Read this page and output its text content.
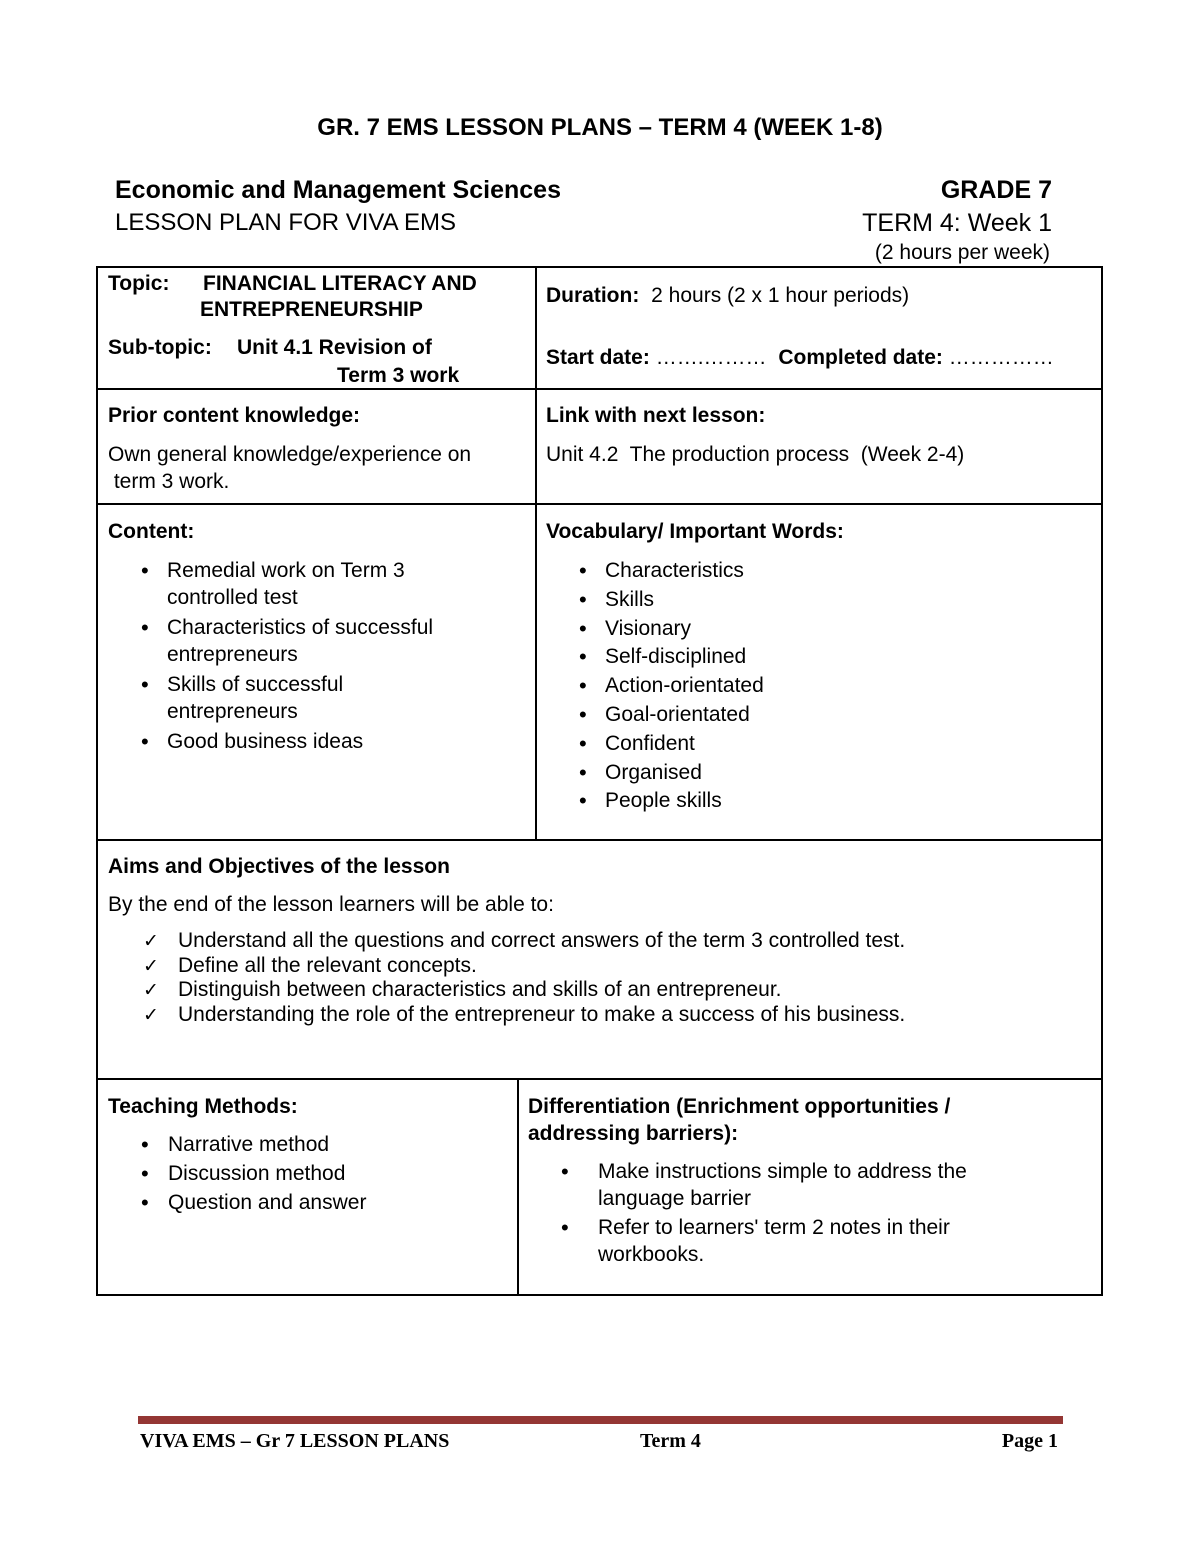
GR. 7 EMS LESSON PLANS – TERM 4 (WEEK 1-8)
Economic and Management Sciences
LESSON PLAN FOR VIVA EMS
GRADE 7
TERM 4: Week 1
(2 hours per week)
Topic: FINANCIAL LITERACY AND
ENTREPRENEURSHIP
Sub-topic: Unit 4.1 Revision of
Term 3 work
Duration: 2 hours (2 x 1 hour periods)
Start date: …….……… Completed date: ……………
Prior content knowledge:
Own general knowledge/experience on
term 3 work.
Link with next lesson:
Unit 4.2  The production process  (Week 2-4)
Content:
• Remedial work on Term 3
controlled test
• Characteristics of successful
entrepreneurs
• Skills of successful
entrepreneurs
• Good business ideas
Vocabulary/ Important Words:
• Characteristics
• Skills
• Visionary
• Self-disciplined
• Action-orientated
• Goal-orientated
• Confident
• Organised
• People skills
Aims and Objectives of the lesson
By the end of the lesson learners will be able to:
✓ Understand all the questions and correct answers of the term 3 controlled test.
✓ Define all the relevant concepts.
✓ Distinguish between characteristics and skills of an entrepreneur.
✓ Understanding the role of the entrepreneur to make a success of his business.
Teaching Methods:
• Narrative method
• Discussion method
• Question and answer
Differentiation (Enrichment opportunities /
addressing barriers):
• Make instructions simple to address the
language barrier
• Refer to learners' term 2 notes in their
workbooks.
VIVA EMS – Gr 7 LESSON PLANS	Term 4	Page 1
